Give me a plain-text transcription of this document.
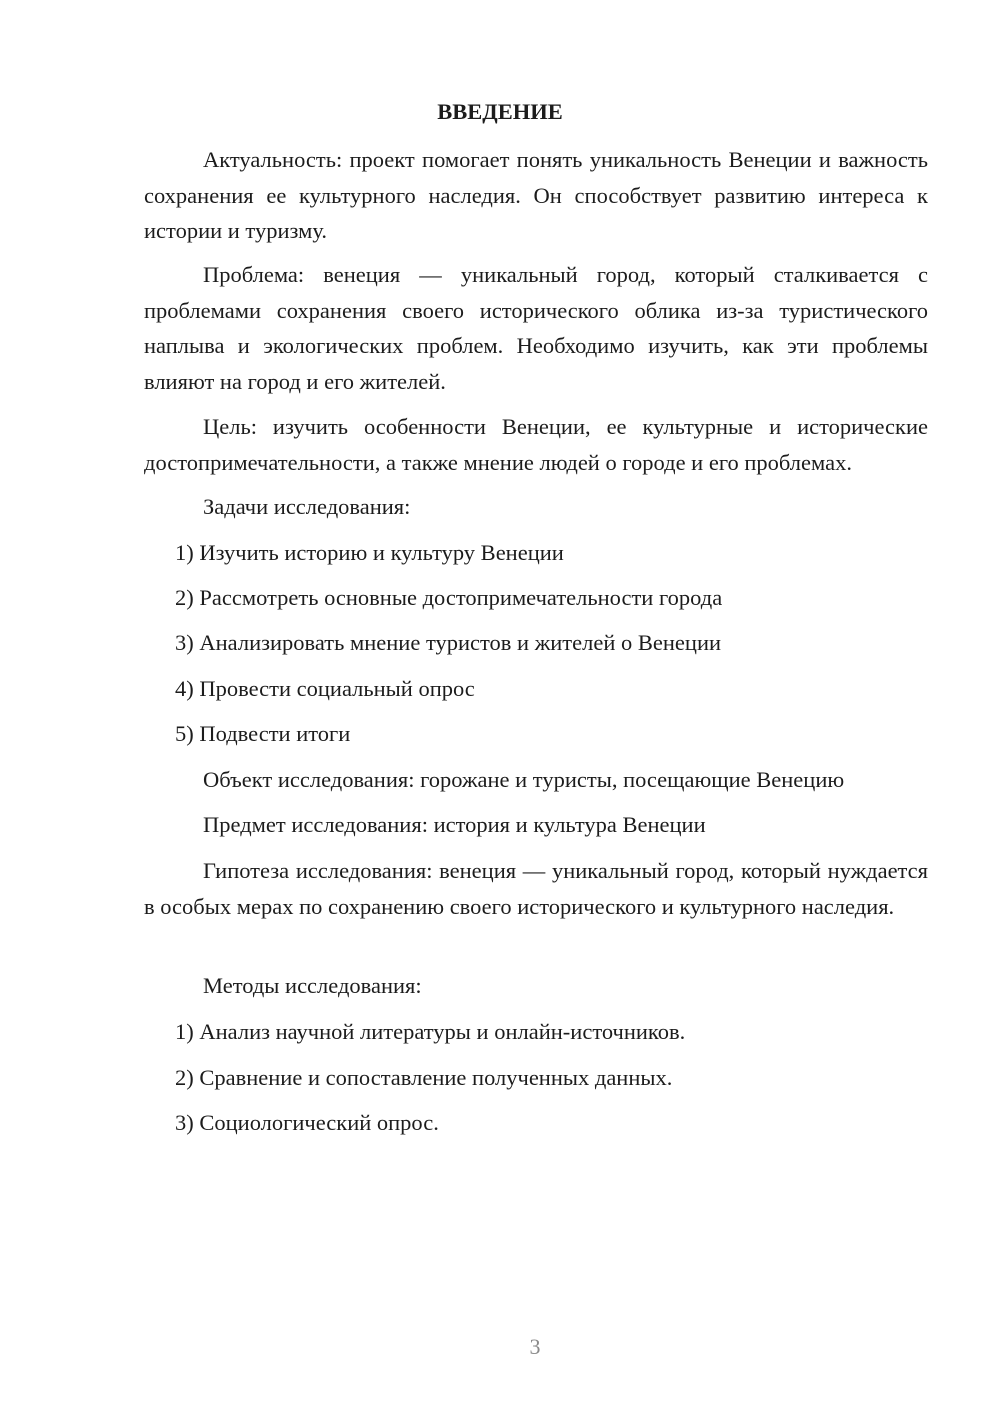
ВВЕДЕНИЕ
Актуальность: проект помогает понять уникальность Венеции и важность сохранения ее культурного наследия. Он способствует развитию интереса к истории и туризму.
Проблема: венеция — уникальный город, который сталкивается с проблемами сохранения своего исторического облика из-за туристического наплыва и экологических проблем. Необходимо изучить, как эти проблемы влияют на город и его жителей.
Цель: изучить особенности Венеции, ее культурные и исторические достопримечательности, а также мнение людей о городе и его проблемах.
Задачи исследования:
1) Изучить историю и культуру Венеции
2) Рассмотреть основные достопримечательности города
3) Анализировать мнение туристов и жителей о Венеции
4) Провести социальный опрос
5) Подвести итоги
Объект исследования: горожане и туристы, посещающие Венецию
Предмет исследования: история и культура Венеции
Гипотеза исследования: венеция — уникальный город, который нуждается в особых мерах по сохранению своего исторического и культурного наследия.
Методы исследования:
1) Анализ научной литературы и онлайн-источников.
2) Сравнение и сопоставление полученных данных.
3) Социологический опрос.
3
